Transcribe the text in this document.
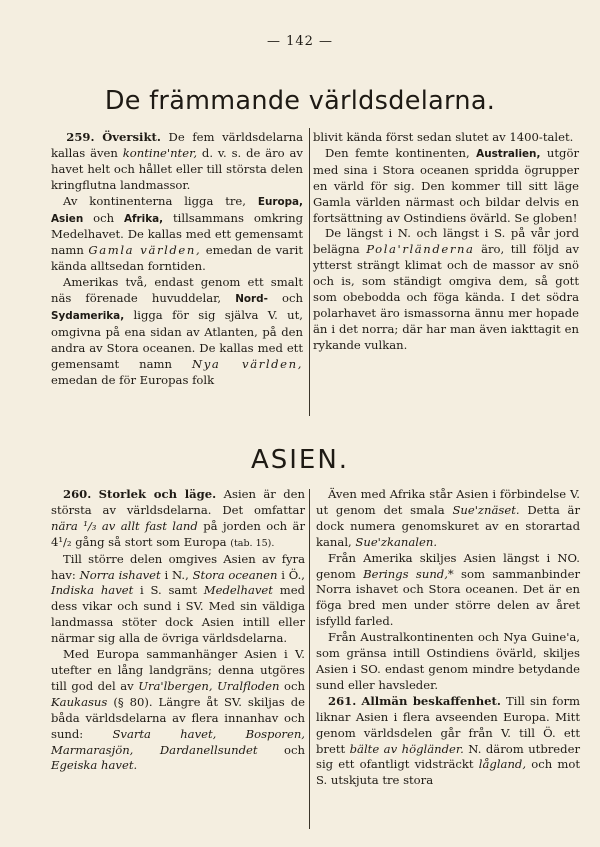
— 142 —
De främmande världsdelarna.

259. Översikt. De fem världsdelarna kallas även kontine'nter, d. v. s. de äro av havet helt och hållet eller till största delen kringflutna landmassor.

Av kontinenterna ligga tre, Europa, Asien och Afrika, tillsammans omkring Medelhavet. De kallas med ett gemensamt namn Gamla världen, emedan de varit kända alltsedan forntiden.

Amerikas två, endast genom ett smalt näs förenade huvuddelar, Nord- och Sydamerika, ligga för sig själva V. ut, omgivna på ena sidan av Atlanten, på den andra av Stora oceanen. De kallas med ett gemensamt namn Nya världen, emedan de för Europas folk

blivit kända först sedan slutet av 1400-talet.

Den femte kontinenten, Australien, utgör med sina i Stora oceanen spridda ögrupper en värld för sig. Den kommer till sitt läge Gamla världen närmast och bildar delvis en fortsättning av Ostindiens övärld. Se globen!

De längst i N. och längst i S. på vår jord belägna Pola'rländerna äro, till följd av ytterst strängt klimat och de massor av snö och is, som ständigt omgiva dem, så gott som obebodda och föga kända. I det södra polarhavet äro ismassorna ännu mer hopade än i det norra; där har man även iakttagit en rykande vulkan.

ASIEN.

260. Storlek och läge. Asien är den största av världsdelarna. Det omfattar nära ¹/₃ av allt fast land på jorden och är 4¹/₂ gång så stort som Europa (tab. 15).

Till större delen omgives Asien av fyra hav: Norra ishavet i N., Stora oceanen i Ö., Indiska havet i S. samt Medelhavet med dess vikar och sund i SV. Med sin väldiga landmassa stöter dock Asien intill eller närmar sig alla de övriga världsdelarna.

Med Europa sammanhänger Asien i V. utefter en lång landgräns; denna utgöres till god del av Ura'lbergen, Uralfloden och Kaukasus (§ 80). Längre åt SV. skiljas de båda världsdelarna av flera innanhav och sund: Svarta havet, Bosporen, Marmarasjön, Dardanellsundet och Egeiska havet.

Även med Afrika står Asien i förbindelse V. ut genom det smala Sue'znäset. Detta är dock numera genomskuret av en storartad kanal, Sue'zkanalen.

Från Amerika skiljes Asien längst i NO. genom Berings sund,* som sammanbinder Norra ishavet och Stora oceanen. Det är en föga bred men under större delen av året isfylld farled.

Från Australkontinenten och Nya Guine'a, som gränsa intill Ostindiens övärld, skiljes Asien i SO. endast genom mindre betydande sund eller havsleder.

261. Allmän beskaffenhet. Till sin form liknar Asien i flera avseenden Europa. Mitt genom världsdelen går från V. till Ö. ett brett bälte av högländer. N. därom utbreder sig ett ofantligt vidsträckt lågland, och mot S. utskjuta tre stora
